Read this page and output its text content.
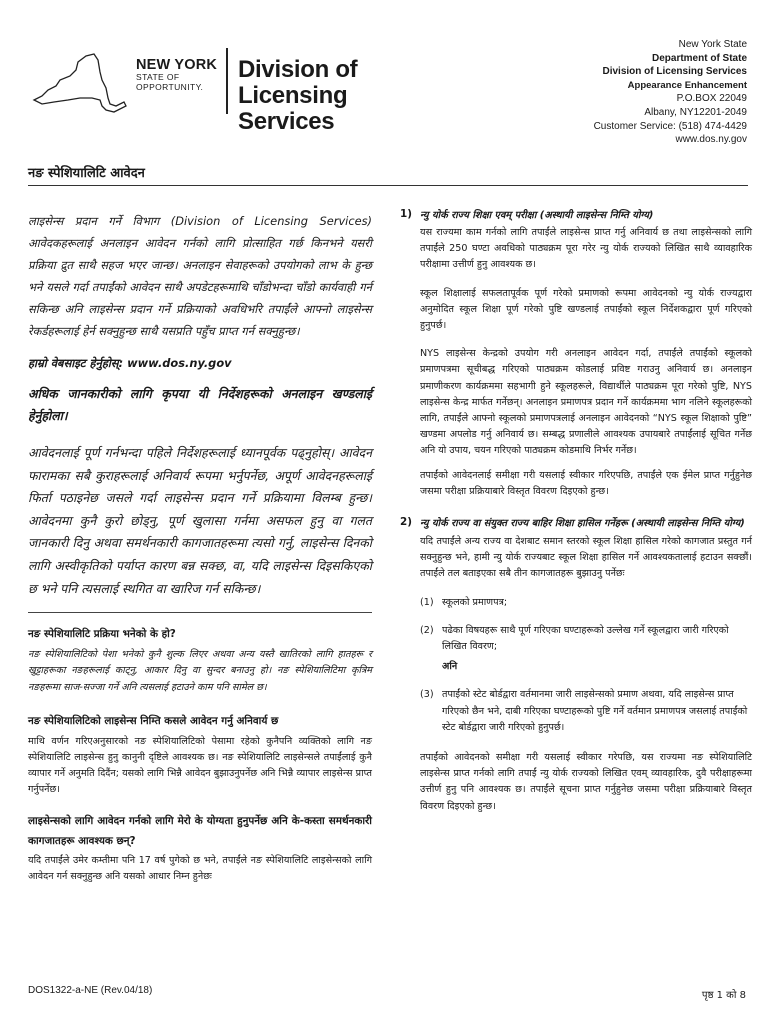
NEW YORK
STATE OF
OPPORTUNITY.
Division of
Licensing Services
New York State
Department of State
Division of Licensing Services
Appearance Enhancement
P.O.BOX 22049
Albany, NY12201-2049
Customer Service: (518) 474-4429
www.dos.ny.gov
नङ स्पेशियालिटि आवेदन

लाइसेन्स प्रदान गर्ने विभाग (Division of Licensing Services) आवेदकहरूलाई अनलाइन आवेदन गर्नको लागि प्रोत्साहित गर्छ किनभने यसरी प्रक्रिया द्रुत साथै सहज भएर जान्छ। अनलाइन सेवाहरूको उपयोगको लाभ के हुन्छ भने यसले गर्दा तपाईंको आवेदन साथै अपडेटहरूमाथि चाँडोभन्दा चाँडो कार्यवाही गर्न सकिन्छ अनि लाइसेन्स प्रदान गर्ने प्रक्रियाको अवधिभरि तपाईंले आफ्नो लाइसेन्स रेकर्डहरूलाई हेर्न सक्नुहुन्छ साथै यसप्रति पहुँच प्राप्त गर्न सक्नुहुन्छ।

हाम्रो वेबसाइट हेर्नुहोस्: www.dos.ny.gov

अधिक जानकारीको लागि कृपया यी निर्देशहरूको अनलाइन खण्डलाई हेर्नुहोला।

आवेदनलाई पूर्ण गर्नभन्दा पहिले निर्देशहरूलाई ध्यानपूर्वक पढ्नुहोस्। आवेदन फारामका सबै कुराहरूलाई अनिवार्य रूपमा भर्नुपर्नेछ, अपूर्ण आवेदनहरूलाई फिर्ता पठाइनेछ जसले गर्दा लाइसेन्स प्रदान गर्ने प्रक्रियामा विलम्ब हुन्छ। आवेदनमा कुनै कुरो छोड्नु, पूर्ण खुलासा गर्नमा असफल हुनु वा गलत जानकारी दिनु अथवा समर्थनकारी कागजातहरूमा त्यसो गर्नु, लाइसेन्स दिनको लागि अस्वीकृतिको पर्याप्त कारण बन्न सक्छ, वा, यदि लाइसेन्स दिइसकिएको छ भने पनि त्यसलाई स्थगित वा खारिज गर्न सकिन्छ।

नङ स्पेशियालिटि प्रक्रिया भनेको के हो?

नङ स्पेशियालिटिको पेशा भनेको कुनै शुल्क लिएर अथवा अन्य यस्तै खातिरको लागि हातहरू र खुट्टाहरूका नङहरूलाई काट्नु, आकार दिनु वा सुन्दर बनाउनु हो। नङ स्पेशियालिटिमा कृत्रिम नङहरूमा साज-सज्जा गर्ने अनि त्यसलाई हटाउने काम पनि सामेल छ।

नङ स्पेशियालिटिको लाइसेन्स निम्ति कसले आवेदन गर्नु अनिवार्य छ

माथि वर्णन गरिएअनुसारको नङ स्पेशियालिटिको पेसामा रहेको कुनैपनि व्यक्तिको लागि नङ स्पेशियालिटि लाइसेन्स हुनु कानुनी दृष्टिले आवश्यक छ। नङ स्पेशियालिटि लाइसेन्सले तपाईंलाई कुनै व्यापार गर्ने अनुमति दिदैंन; यसको लागि भिन्नै आवेदन बुझाउनुपर्नेछ अनि भिन्नै व्यापार लाइसेन्स प्राप्त गर्नुपर्नेछ।

लाइसेन्सको लागि आवेदन गर्नको लागि मेरो के योग्यता हुनुपर्नेछ अनि के-कस्ता समर्थनकारी कागजातहरू आवश्यक छन्?

यदि तपाईंले उमेर कम्तीमा पनि 17 वर्ष पुगेको छ भने, तपाईंले नङ स्पेशियालिटि लाइसेन्सको लागि आवेदन गर्न सक्नुहुन्छ अनि यसको आधार निम्न हुनेछः

1) न्यु योर्क राज्य शिक्षा एवम् परीक्षा (अस्थायी लाइसेन्स निम्ति योग्य)

यस राज्यमा काम गर्नको लागि तपाईंले लाइसेन्स प्राप्त गर्नु अनिवार्य छ तथा लाइसेन्सको लागि तपाईंले 250 घण्टा अवधिको पाठ्यक्रम पूरा गरेर न्यु योर्क राज्यको लिखित साथै व्यावहारिक परीक्षामा उत्तीर्ण हुनु आवश्यक छ।

स्कूल शिक्षालाई सफलतापूर्वक पूर्ण गरेको प्रमाणको रूपमा आवेदनको न्यु योर्क राज्यद्वारा अनुमोदित स्कूल शिक्षा पूर्ण गरेको पुष्टि खण्डलाई तपाईंको स्कूल निर्देशकद्वारा पूर्ण गरिएको हुनुपर्छ।

NYS लाइसेन्स केन्द्रको उपयोग गरी अनलाइन आवेदन गर्दा, तपाईंले तपाईंको स्कूलको प्रमाणपत्रमा सूचीबद्ध गरिएको पाठ्यक्रम कोडलाई प्रविष्ट गराउनु अनिवार्य छ। अनलाइन प्रमाणीकरण कार्यक्रममा सहभागी हुने स्कूलहरूले, विद्यार्थीले पाठ्यक्रम पूरा गरेको पुष्टि, NYS लाइसेन्स केन्द्र मार्फत गर्नेछन्। अनलाइन प्रमाणपत्र प्रदान गर्ने कार्यक्रममा भाग नलिने स्कूलहरूको लागि, तपाईंले आफ्नो स्कूलको प्रमाणपत्रलाई अनलाइन आवेदनको “NYS स्कूल शिक्षाको पुष्टि” खण्डमा अपलोड गर्नु अनिवार्य छ। सम्बद्ध प्रणालीले आवश्यक उपायबारे तपाईंलाई सूचित गर्नेछ अनि यो उपाय, चयन गरिएको पाठ्यक्रम कोडमाथि निर्भर गर्नेछ।

तपाईंको आवेदनलाई समीक्षा गरी यसलाई स्वीकार गरिएपछि, तपाईंले एक ईमेल प्राप्त गर्नुहुनेछ जसमा परीक्षा प्रक्रियाबारे विस्तृत विवरण दिइएको हुन्छ।

2) न्यु योर्क राज्य वा संयुक्त राज्य बाहिर शिक्षा हासिल गर्नेहरू (अस्थायी लाइसेन्स निम्ति योग्य)

यदि तपाईंले अन्य राज्य वा देशबाट समान स्तरको स्कूल शिक्षा हासिल गरेको कागजात प्रस्तुत गर्न सक्नुहुन्छ भने, हामी न्यु योर्क राज्यबाट स्कूल शिक्षा हासिल गर्ने आवश्यकतालाई हटाउन सक्छौं। तपाईंले तल बताइएका सबै तीन कागजातहरू बुझाउनु पर्नेछः

(1) स्कूलको प्रमाणपत्र;
(2) पढेका विषयहरू साथै पूर्ण गरिएका घण्टाहरूको उल्लेख गर्ने स्कूलद्वारा जारी गरिएको लिखित विवरण;
अनि
(3) तपाईंको स्टेट बोर्डद्वारा वर्तमानमा जारी लाइसेन्सको प्रमाण अथवा, यदि लाइसेन्स प्राप्त गरिएको छैन भने, दाबी गरिएका घण्टाहरूको पुष्टि गर्ने वर्तमान प्रमाणपत्र जसलाई तपाईंको स्टेट बोर्डद्वारा जारी गरिएको हुनुपर्छ।

तपाईंको आवेदनको समीक्षा गरी यसलाई स्वीकार गरेपछि, यस राज्यमा नङ स्पेशियालिटि लाइसेन्स प्राप्त गर्नको लागि तपाईं न्यु योर्क राज्यको लिखित एवम् व्यावहारिक, दुवै परीक्षाहरूमा उत्तीर्ण हुनु पनि आवश्यक छ। तपाईंले सूचना प्राप्त गर्नुहुनेछ जसमा परीक्षा प्रक्रियाबारे विस्तृत विवरण दिइएको हुन्छ।

DOS1322-a-NE (Rev.04/18)	पृष्ठ 1 को 8
